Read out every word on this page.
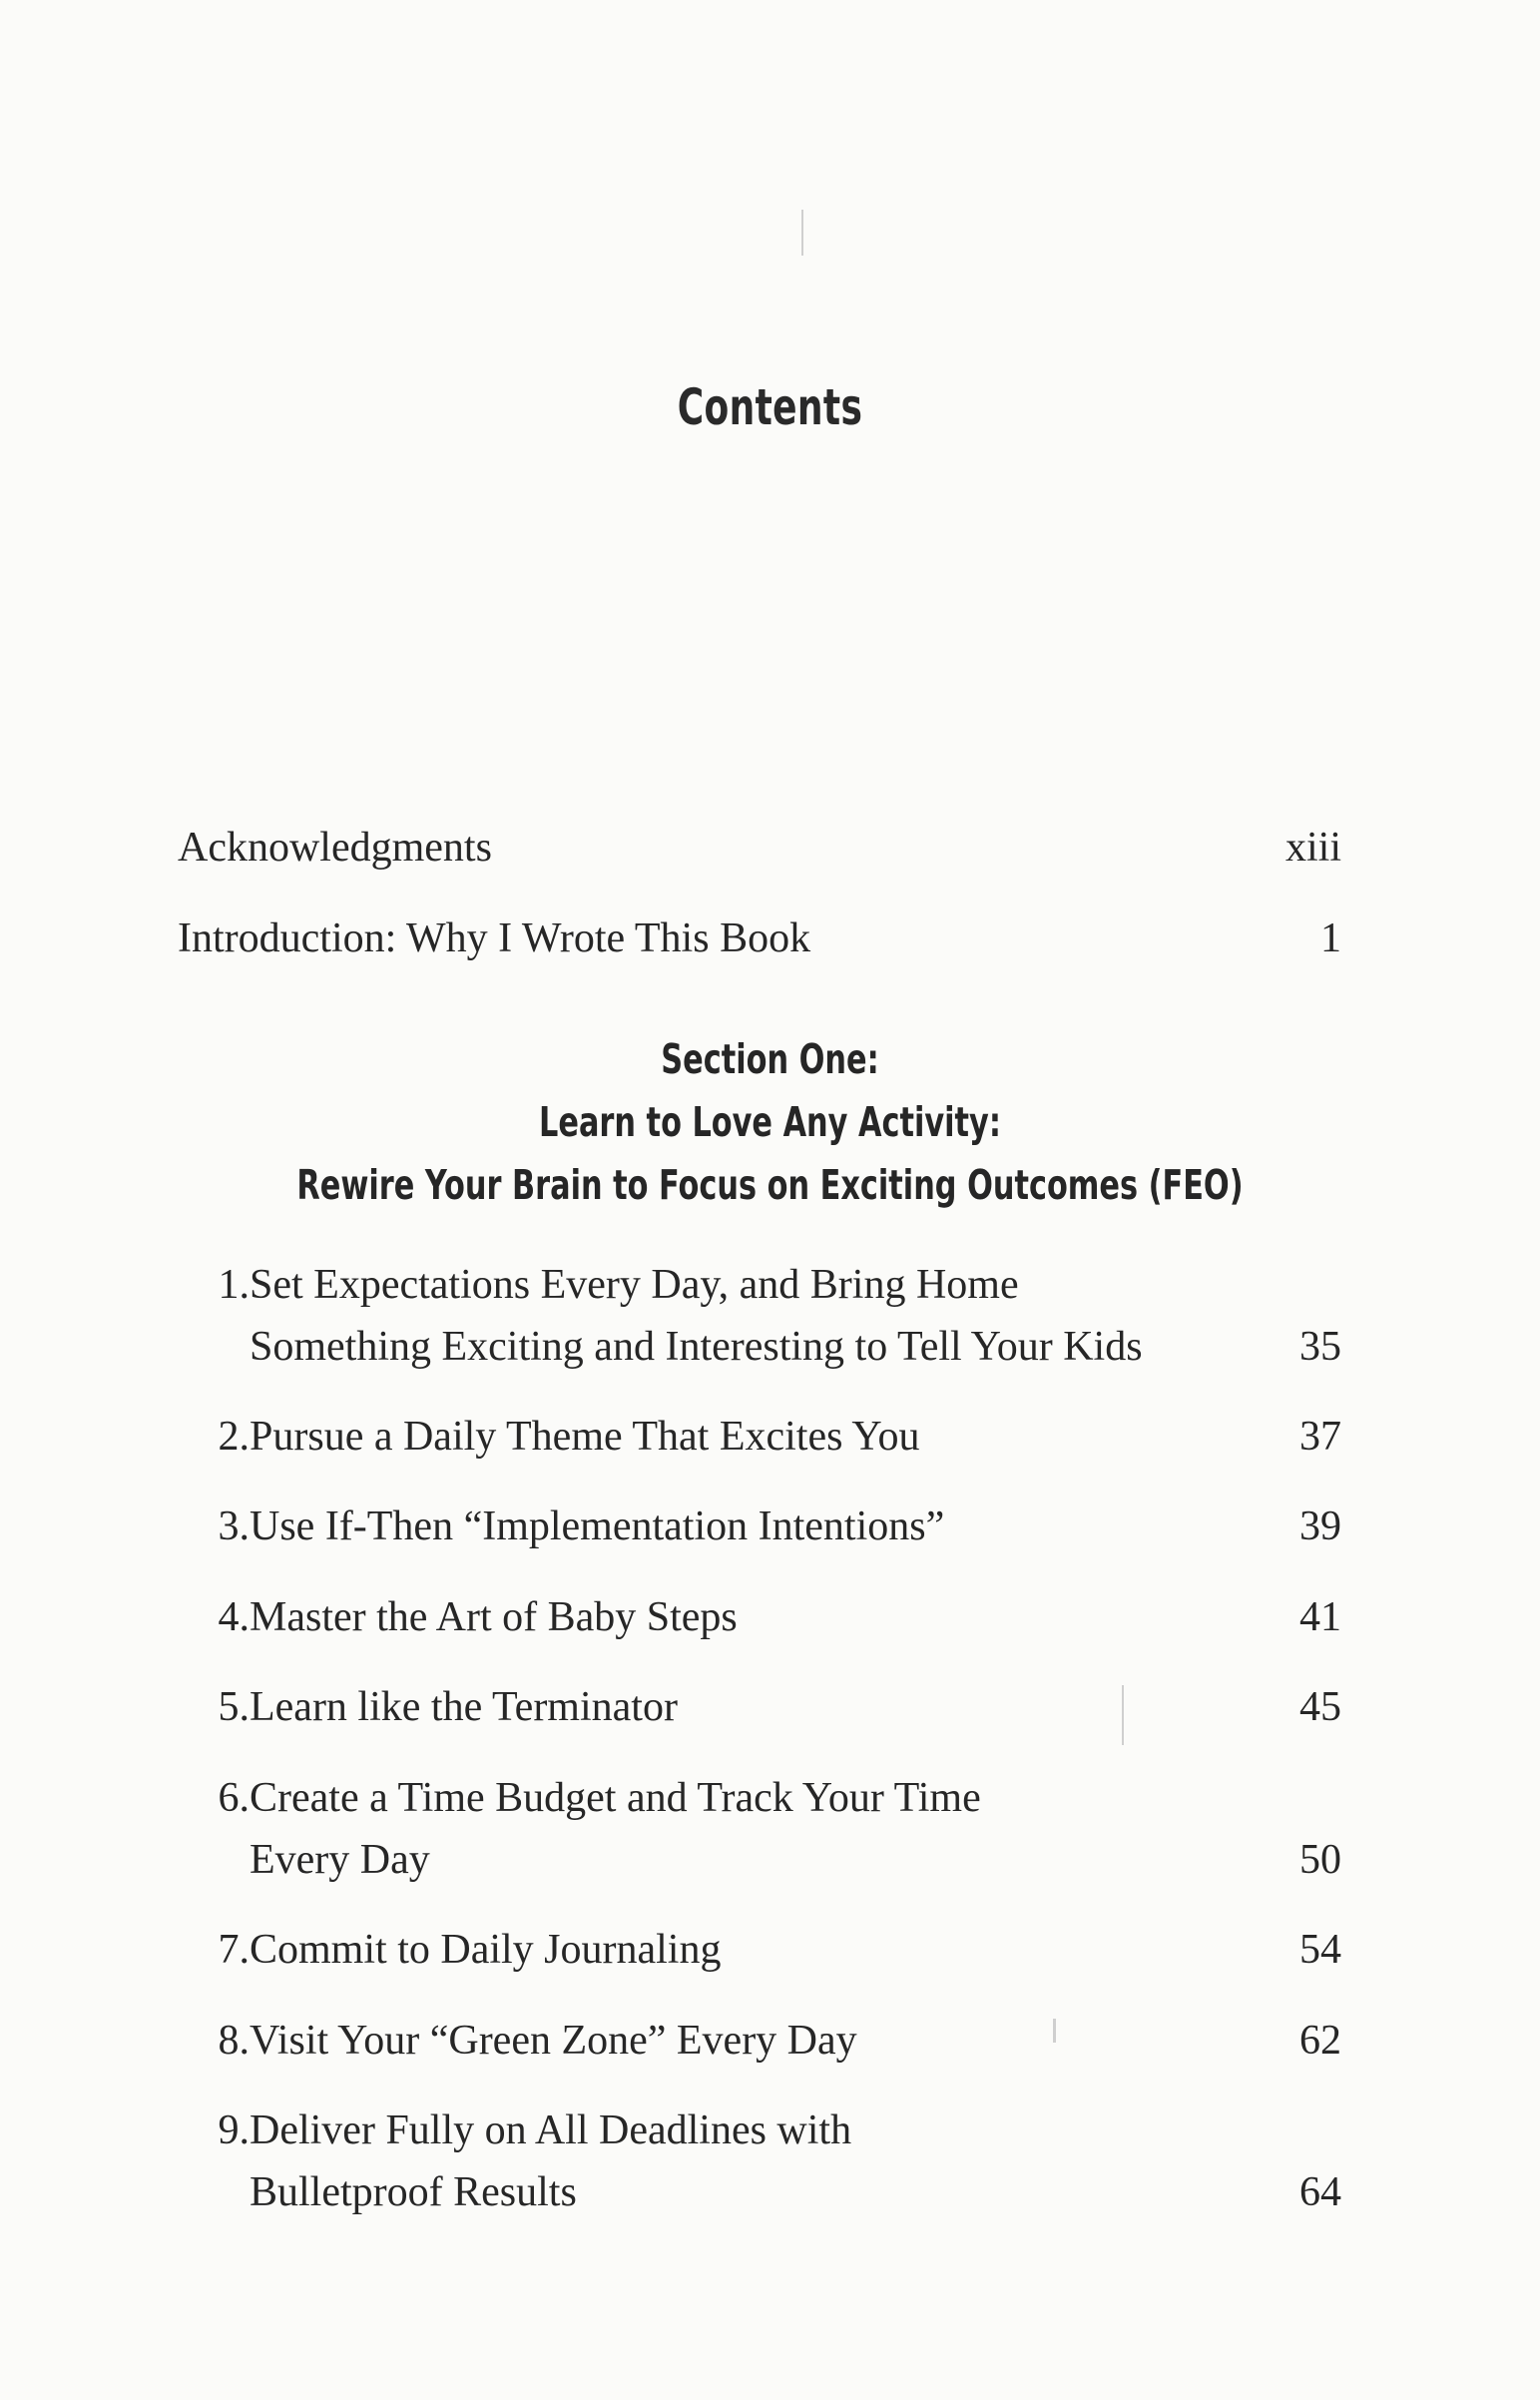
Contents
Acknowledgments	xiii
Introduction: Why I Wrote This Book	1
Section One:
Learn to Love Any Activity:
Rewire Your Brain to Focus on Exciting Outcomes (FEO)
1. Set Expectations Every Day, and Bring Home
Something Exciting and Interesting to Tell Your Kids	35
2. Pursue a Daily Theme That Excites You	37
3. Use If-Then “Implementation Intentions”	39
4. Master the Art of Baby Steps	41
5. Learn like the Terminator	45
6. Create a Time Budget and Track Your Time
Every Day	50
7. Commit to Daily Journaling	54
8. Visit Your “Green Zone” Every Day	62
9. Deliver Fully on All Deadlines with
Bulletproof Results	64
